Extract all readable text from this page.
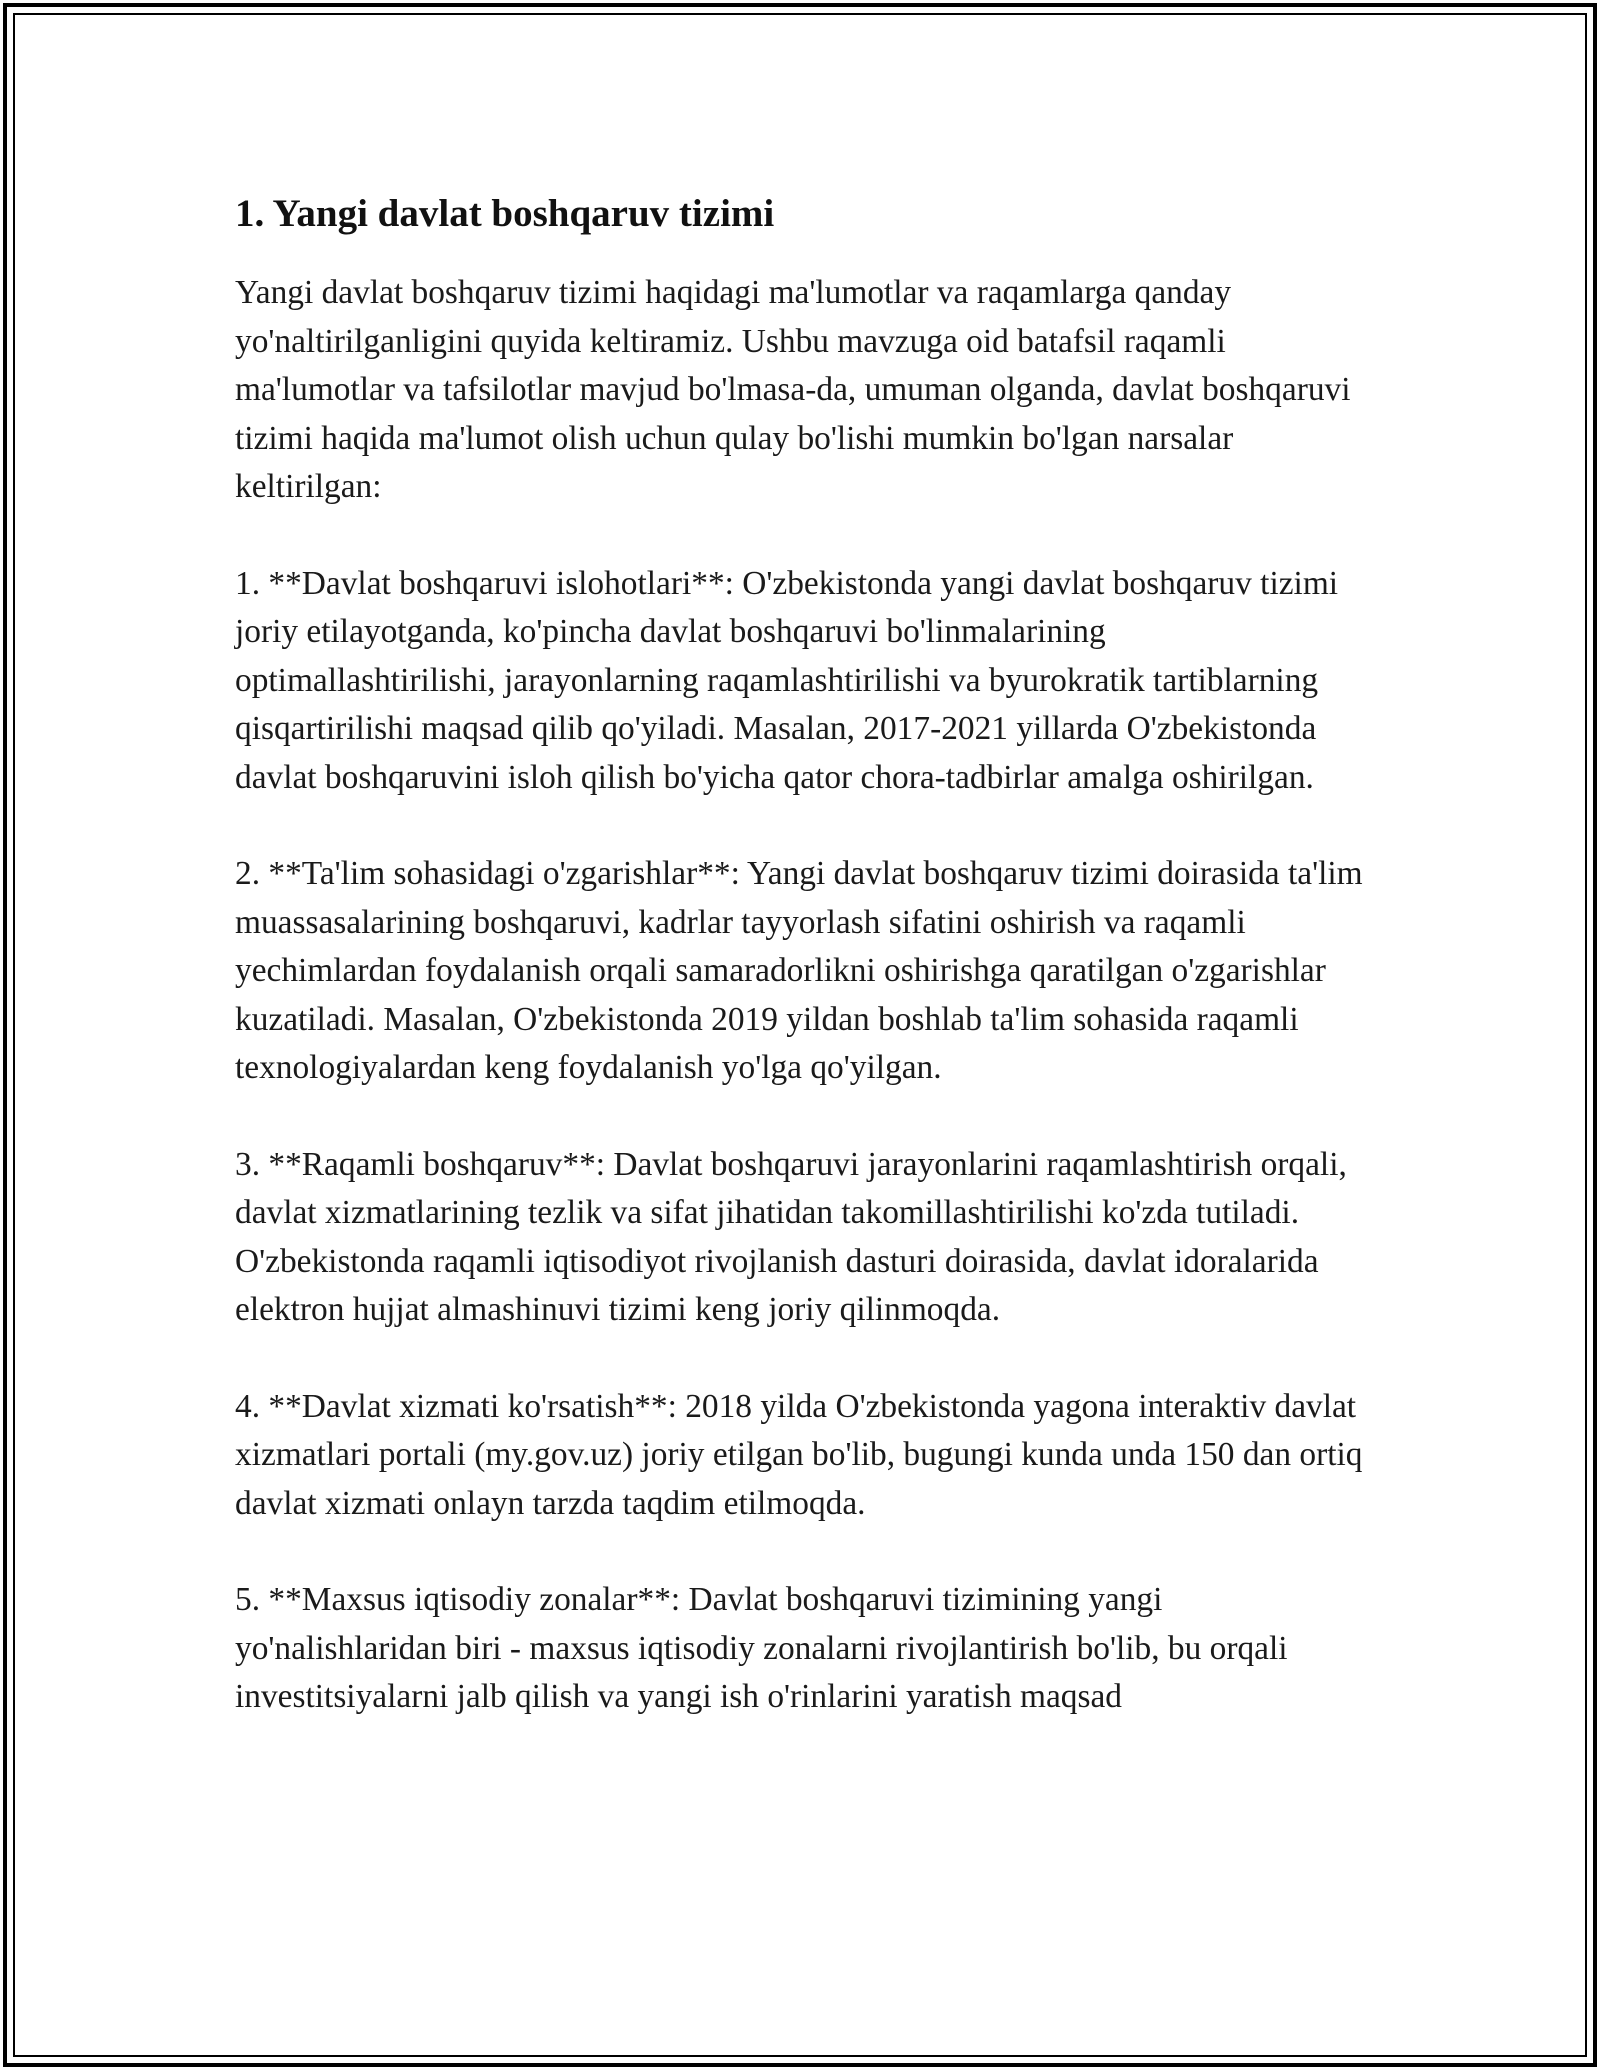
1. Yangi davlat boshqaruv tizimi

Yangi davlat boshqaruv tizimi haqidagi ma'lumotlar va raqamlarga qanday yo'naltirilganligini quyida keltiramiz. Ushbu mavzuga oid batafsil raqamli ma'lumotlar va tafsilotlar mavjud bo'lmasa-da, umuman olganda, davlat boshqaruvi tizimi haqida ma'lumot olish uchun qulay bo'lishi mumkin bo'lgan narsalar keltirilgan:

1. **Davlat boshqaruvi islohotlari**: O'zbekistonda yangi davlat boshqaruv tizimi joriy etilayotganda, ko'pincha davlat boshqaruvi bo'linmalarining optimallashtirilishi, jarayonlarning raqamlashtirilishi va byurokratik tartiblarning qisqartirilishi maqsad qilib qo'yiladi. Masalan, 2017-2021 yillarda O'zbekistonda davlat boshqaruvini isloh qilish bo'yicha qator chora-tadbirlar amalga oshirilgan.

2. **Ta'lim sohasidagi o'zgarishlar**: Yangi davlat boshqaruv tizimi doirasida ta'lim muassasalarining boshqaruvi, kadrlar tayyorlash sifatini oshirish va raqamli yechimlardan foydalanish orqali samaradorlikni oshirishga qaratilgan o'zgarishlar kuzatiladi. Masalan, O'zbekistonda 2019 yildan boshlab ta'lim sohasida raqamli texnologiyalardan keng foydalanish yo'lga qo'yilgan.

3. **Raqamli boshqaruv**: Davlat boshqaruvi jarayonlarini raqamlashtirish orqali, davlat xizmatlarining tezlik va sifat jihatidan takomillashtirilishi ko'zda tutiladi. O'zbekistonda raqamli iqtisodiyot rivojlanish dasturi doirasida, davlat idoralarida elektron hujjat almashinuvi tizimi keng joriy qilinmoqda.

4. **Davlat xizmati ko'rsatish**: 2018 yilda O'zbekistonda yagona interaktiv davlat xizmatlari portali (my.gov.uz) joriy etilgan bo'lib, bugungi kunda unda 150 dan ortiq davlat xizmati onlayn tarzda taqdim etilmoqda.

5. **Maxsus iqtisodiy zonalar**: Davlat boshqaruvi tizimining yangi yo'nalishlaridan biri - maxsus iqtisodiy zonalarni rivojlantirish bo'lib, bu orqali investitsiyalarni jalb qilish va yangi ish o'rinlarini yaratish maqsad
